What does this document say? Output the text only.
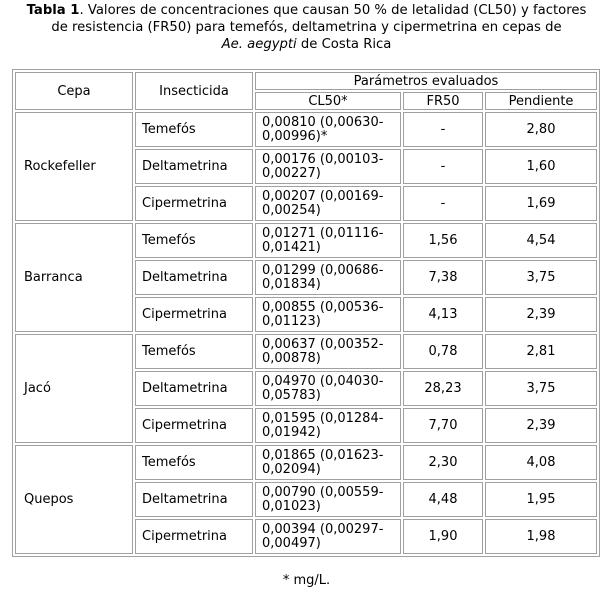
Tabla 1. Valores de concentraciones que causan 50 % de letalidad (CL50) y factores
de resistencia (FR50) para temefós, deltametrina y cipermetrina en cepas de
Ae. aegypti de Costa Rica
Cepa	Insecticida	Parámetros evaluados		
		CL50*	FR50	Pendiente
Rockefeller	Temefós	0,00810 (0,00630-
0,00996)*	-	2,80
	Deltametrina	0,00176 (0,00103-
0,00227)	-	1,60
	Cipermetrina	0,00207 (0,00169-
0,00254)	-	1,69
Barranca	Temefós	0,01271 (0,01116-
0,01421)	1,56	4,54
	Deltametrina	0,01299 (0,00686-
0,01834)	7,38	3,75
	Cipermetrina	0,00855 (0,00536-
0,01123)	4,13	2,39
Jacó	Temefós	0,00637 (0,00352-
0,00878)	0,78	2,81
	Deltametrina	0,04970 (0,04030-
0,05783)	28,23	3,75
	Cipermetrina	0,01595 (0,01284-
0,01942)	7,70	2,39
Quepos	Temefós	0,01865 (0,01623-
0,02094)	2,30	4,08
	Deltametrina	0,00790 (0,00559-
0,01023)	4,48	1,95
	Cipermetrina	0,00394 (0,00297-
0,00497)	1,90	1,98
* mg/L.
